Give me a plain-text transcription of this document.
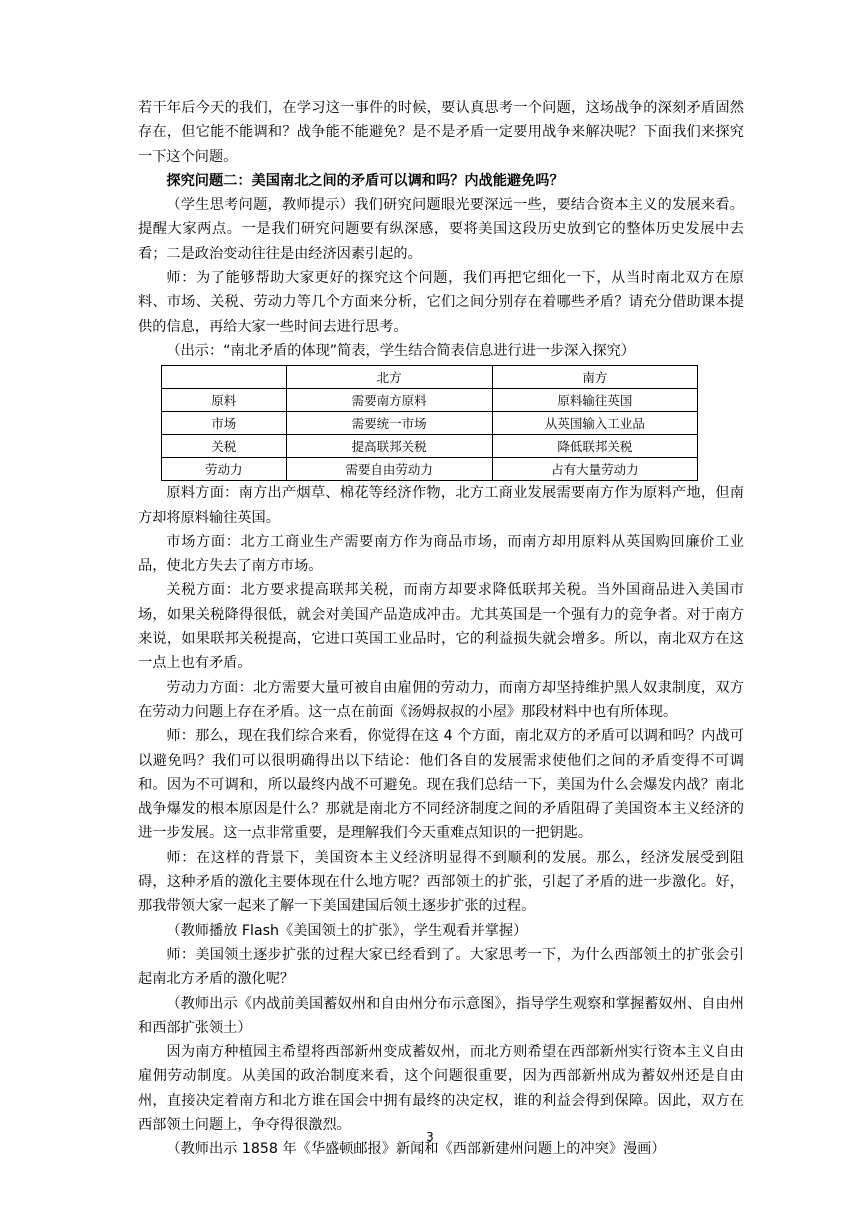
若干年后今天的我们，在学习这一事件的时候，要认真思考一个问题，这场战争的深刻矛盾固然存在，但它能不能调和？战争能不能避免？是不是矛盾一定要用战争来解决呢？下面我们来探究一下这个问题。

探究问题二：美国南北之间的矛盾可以调和吗？内战能避免吗？

（学生思考问题，教师提示）我们研究问题眼光要深远一些，要结合资本主义的发展来看。提醒大家两点。一是我们研究问题要有纵深感，要将美国这段历史放到它的整体历史发展中去看；二是政治变动往往是由经济因素引起的。

师：为了能够帮助大家更好的探究这个问题，我们再把它细化一下，从当时南北双方在原料、市场、关税、劳动力等几个方面来分析，它们之间分别存在着哪些矛盾？请充分借助课本提供的信息，再给大家一些时间去进行思考。

（出示：“南北矛盾的体现”简表，学生结合简表信息进行进一步深入探究）

	北方	南方
原料	需要南方原料	原料输往英国
市场	需要统一市场	从英国输入工业品
关税	提高联邦关税	降低联邦关税
劳动力	需要自由劳动力	占有大量劳动力

原料方面：南方出产烟草、棉花等经济作物，北方工商业发展需要南方作为原料产地，但南方却将原料输往英国。

市场方面：北方工商业生产需要南方作为商品市场，而南方却用原料从英国购回廉价工业品，使北方失去了南方市场。

关税方面：北方要求提高联邦关税，而南方却要求降低联邦关税。当外国商品进入美国市场，如果关税降得很低，就会对美国产品造成冲击。尤其英国是一个强有力的竞争者。对于南方来说，如果联邦关税提高，它进口英国工业品时，它的利益损失就会增多。所以，南北双方在这一点上也有矛盾。

劳动力方面：北方需要大量可被自由雇佣的劳动力，而南方却坚持维护黑人奴隶制度，双方在劳动力问题上存在矛盾。这一点在前面《汤姆叔叔的小屋》那段材料中也有所体现。

师：那么，现在我们综合来看，你觉得在这 4 个方面，南北双方的矛盾可以调和吗？内战可以避免吗？我们可以很明确得出以下结论：他们各自的发展需求使他们之间的矛盾变得不可调和。因为不可调和，所以最终内战不可避免。现在我们总结一下，美国为什么会爆发内战？南北战争爆发的根本原因是什么？那就是南北方不同经济制度之间的矛盾阻碍了美国资本主义经济的进一步发展。这一点非常重要，是理解我们今天重难点知识的一把钥匙。

师：在这样的背景下，美国资本主义经济明显得不到顺利的发展。那么，经济发展受到阻碍，这种矛盾的激化主要体现在什么地方呢？西部领土的扩张，引起了矛盾的进一步激化。好，那我带领大家一起来了解一下美国建国后领土逐步扩张的过程。

（教师播放 Flash《美国领土的扩张》，学生观看并掌握）

师：美国领土逐步扩张的过程大家已经看到了。大家思考一下，为什么西部领土的扩张会引起南北方矛盾的激化呢？

（教师出示《内战前美国蓄奴州和自由州分布示意图》，指导学生观察和掌握蓄奴州、自由州和西部扩张领土）

因为南方种植园主希望将西部新州变成蓄奴州，而北方则希望在西部新州实行资本主义自由雇佣劳动制度。从美国的政治制度来看，这个问题很重要，因为西部新州成为蓄奴州还是自由州，直接决定着南方和北方谁在国会中拥有最终的决定权，谁的利益会得到保障。因此，双方在西部领土问题上，争夺得很激烈。

（教师出示 1858 年《华盛顿邮报》新闻和《西部新建州问题上的冲突》漫画）

3
